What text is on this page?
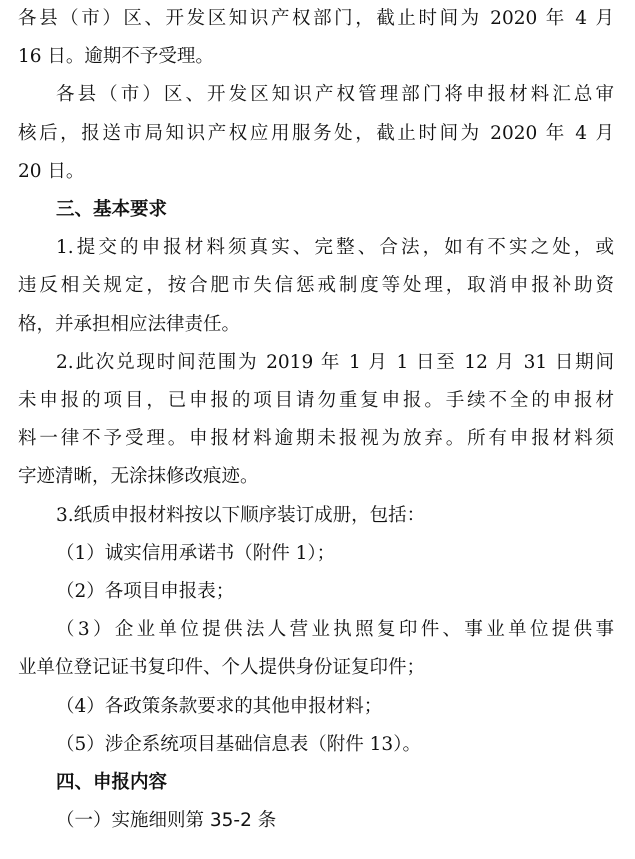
各县（市）区、开发区知识产权部门，截止时间为 2020 年 4 月
16 日。逾期不予受理。
各县（市）区、开发区知识产权管理部门将申报材料汇总审
核后，报送市局知识产权应用服务处，截止时间为 2020 年 4 月
20 日。
三、基本要求
1.提交的申报材料须真实、完整、合法，如有不实之处，或
违反相关规定，按合肥市失信惩戒制度等处理，取消申报补助资
格，并承担相应法律责任。
2.此次兑现时间范围为 2019 年 1 月 1 日至 12 月 31 日期间
未申报的项目，已申报的项目请勿重复申报。手续不全的申报材
料一律不予受理。申报材料逾期未报视为放弃。所有申报材料须
字迹清晰，无涂抹修改痕迹。
3.纸质申报材料按以下顺序装订成册，包括：
（1）诚实信用承诺书（附件 1）；
（2）各项目申报表；
（3）企业单位提供法人营业执照复印件、事业单位提供事
业单位登记证书复印件、个人提供身份证复印件；
（4）各政策条款要求的其他申报材料；
（5）涉企系统项目基础信息表（附件 13）。
四、申报内容
（一）实施细则第 35-2 条
